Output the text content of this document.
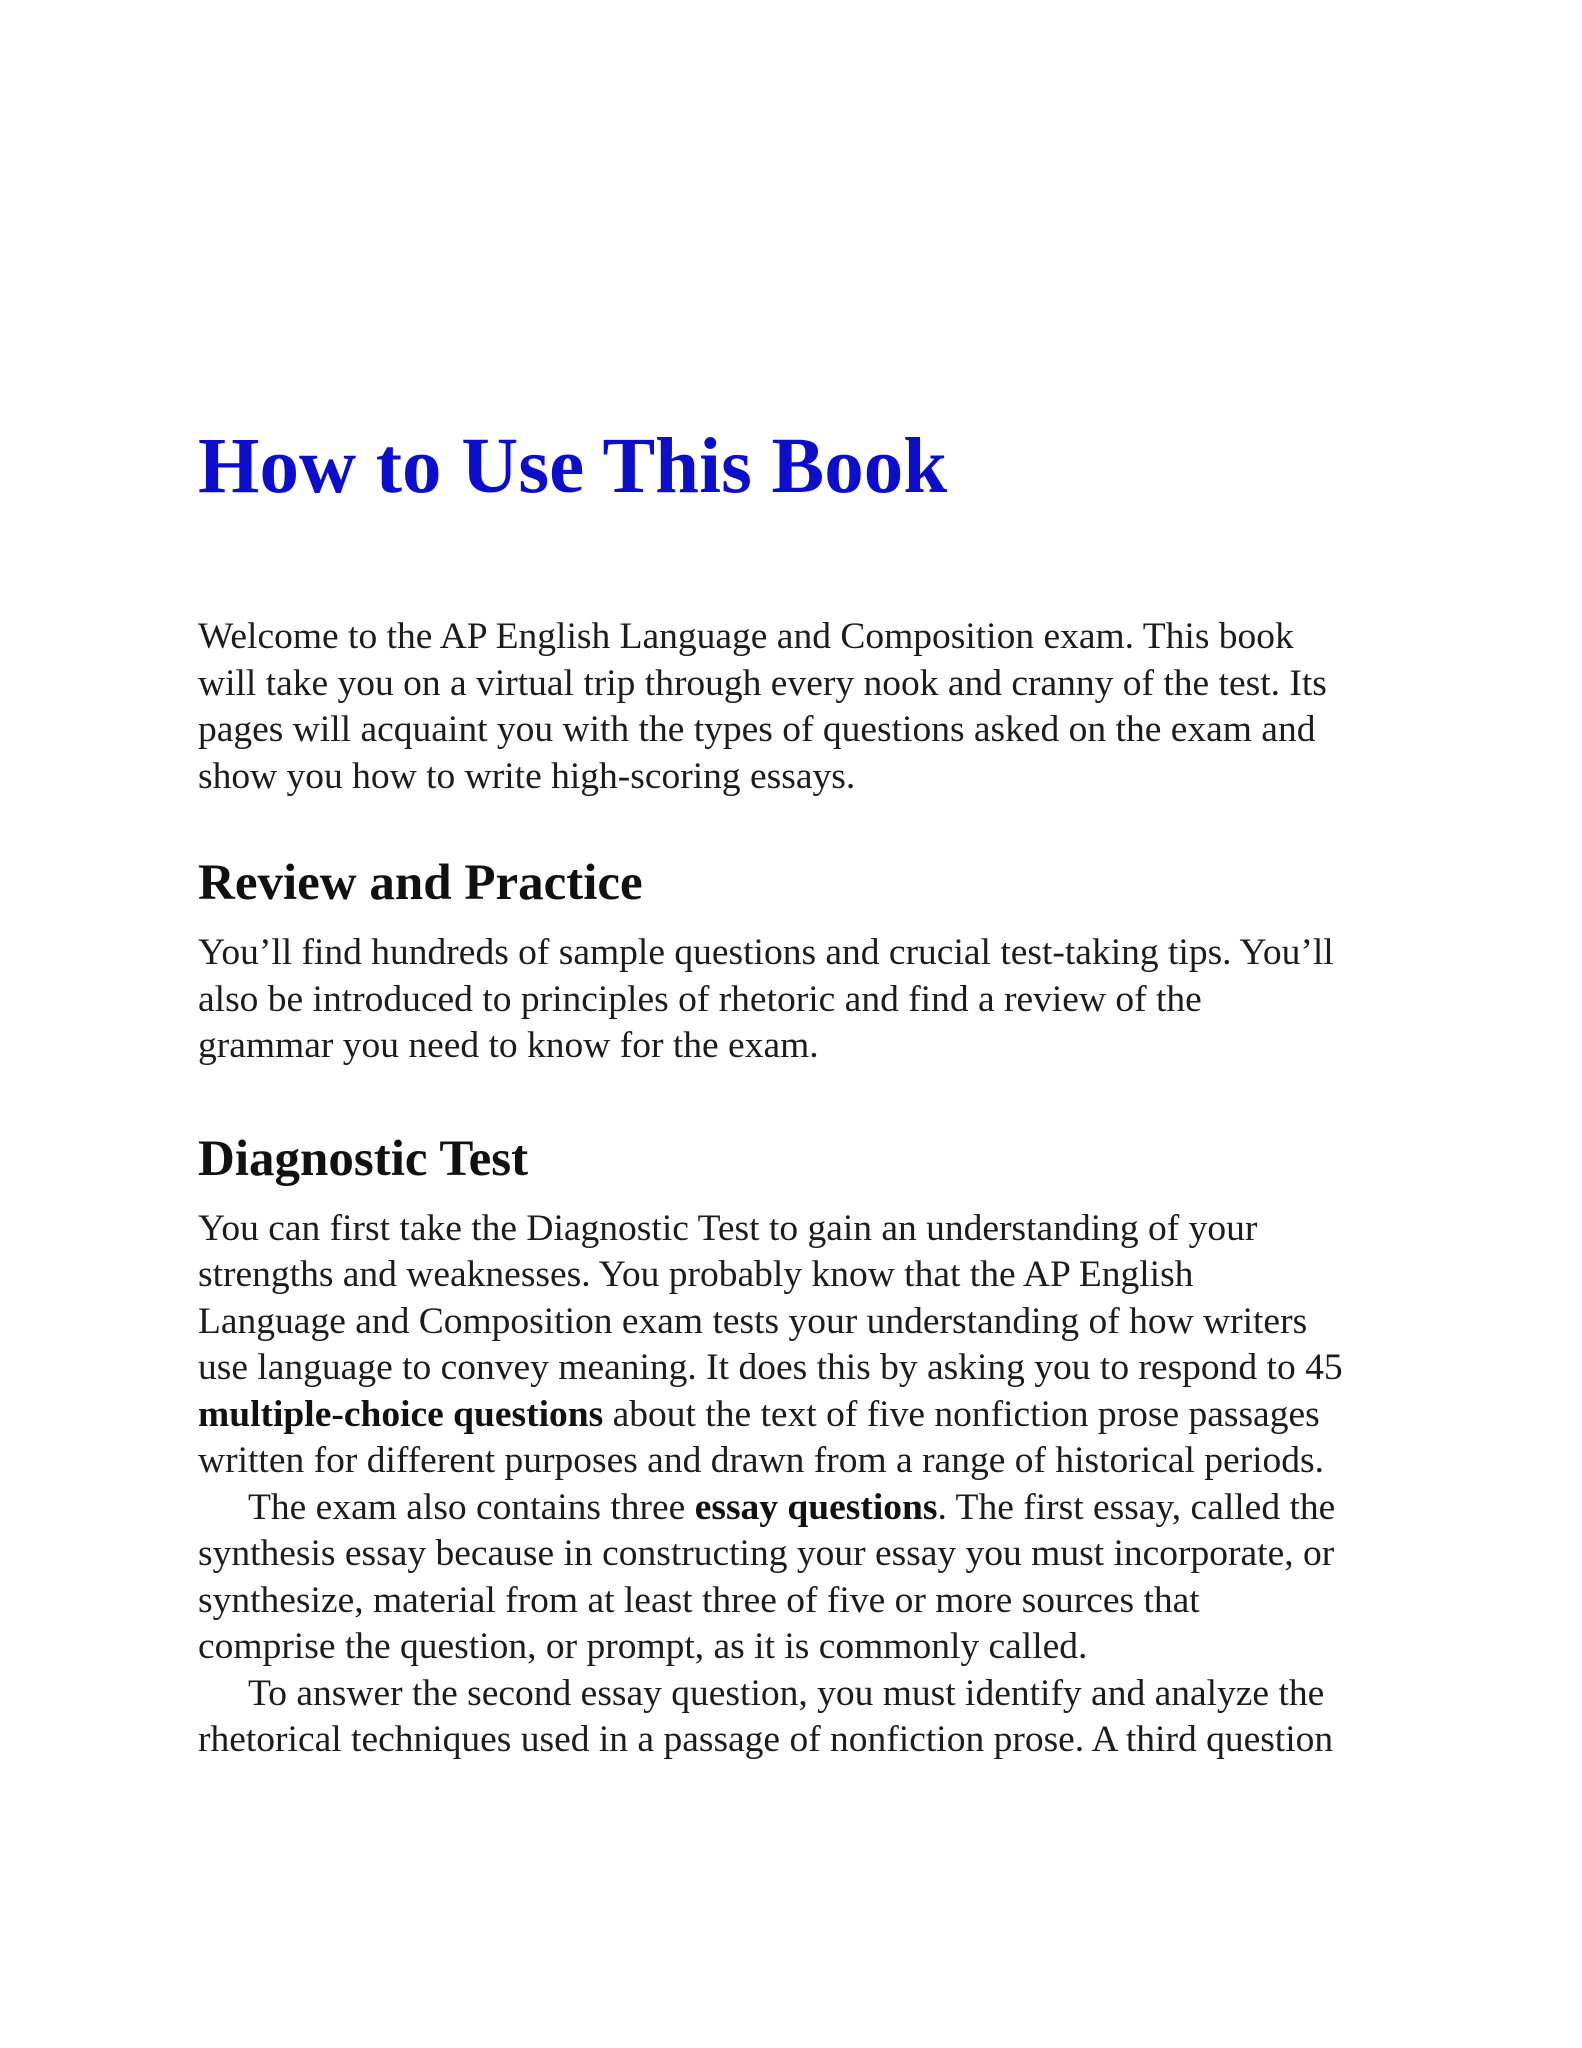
How to Use This Book

Welcome to the AP English Language and Composition exam. This book
will take you on a virtual trip through every nook and cranny of the test. Its
pages will acquaint you with the types of questions asked on the exam and
show you how to write high-scoring essays.

Review and Practice

You’ll find hundreds of sample questions and crucial test-taking tips. You’ll
also be introduced to principles of rhetoric and find a review of the
grammar you need to know for the exam.

Diagnostic Test
You can first take the Diagnostic Test to gain an understanding of your
strengths and weaknesses. You probably know that the AP English
Language and Composition exam tests your understanding of how writers
use language to convey meaning. It does this by asking you to respond to 45
multiple-choice questions about the text of five nonfiction prose passages
written for different purposes and drawn from a range of historical periods.
The exam also contains three essay questions. The first essay, called the
synthesis essay because in constructing your essay you must incorporate, or
synthesize, material from at least three of five or more sources that
comprise the question, or prompt, as it is commonly called.
To answer the second essay question, you must identify and analyze the
rhetorical techniques used in a passage of nonfiction prose. A third question
